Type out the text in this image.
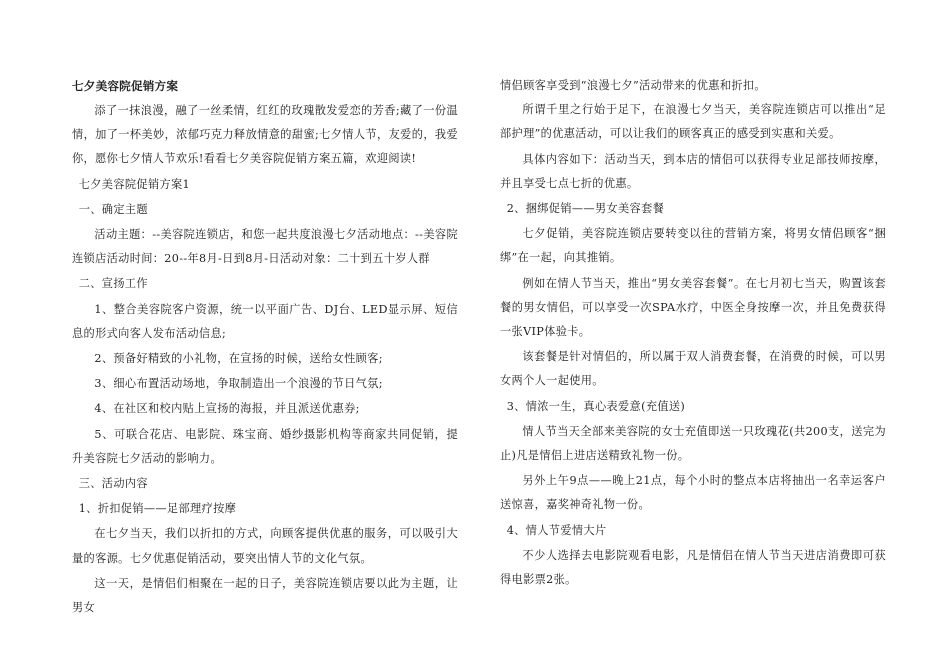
七夕美容院促销方案
添了一抹浪漫，融了一丝柔情，红红的玫瑰散发爱恋的芳香;藏了一份温情，加了一杯美妙，浓郁巧克力释放情意的甜蜜;七夕情人节，友爱的，我爱你，愿你七夕情人节欢乐!看看七夕美容院促销方案五篇，欢迎阅读!
七夕美容院促销方案1
一、确定主题
活动主题：--美容院连锁店，和您一起共度浪漫七夕活动地点：--美容院连锁店活动时间：20--年8月-日到8月-日活动对象：二十到五十岁人群
二、宣扬工作
1、整合美容院客户资源，统一以平面广告、DJ台、LED显示屏、短信息的形式向客人发布活动信息;
2、预备好精致的小礼物，在宣扬的时候，送给女性顾客;
3、细心布置活动场地，争取制造出一个浪漫的节日气氛;
4、在社区和校内贴上宣扬的海报，并且派送优惠券;
5、可联合花店、电影院、珠宝商、婚纱摄影机构等商家共同促销，提升美容院七夕活动的影响力。
三、活动内容
1、折扣促销——足部理疗按摩
在七夕当天，我们以折扣的方式，向顾客提供优惠的服务，可以吸引大量的客源。七夕优惠促销活动，要突出情人节的文化气氛。
这一天，是情侣们相聚在一起的日子，美容院连锁店要以此为主题，让男女
情侣顾客享受到“浪漫七夕”活动带来的优惠和折扣。
所谓千里之行始于足下，在浪漫七夕当天，美容院连锁店可以推出“足部护理”的优惠活动，可以让我们的顾客真正的感受到实惠和关爱。
具体内容如下：活动当天，到本店的情侣可以获得专业足部技师按摩，并且享受七点七折的优惠。
2、捆绑促销——男女美容套餐
七夕促销，美容院连锁店要转变以往的营销方案，将男女情侣顾客“捆绑”在一起，向其推销。
例如在情人节当天，推出“男女美容套餐”。在七月初七当天，购置该套餐的男女情侣，可以享受一次SPA水疗，中医全身按摩一次，并且免费获得一张VIP体验卡。
该套餐是针对情侣的，所以属于双人消费套餐，在消费的时候，可以男女两个人一起使用。
3、情浓一生，真心表爱意(充值送)
情人节当天全部来美容院的女士充值即送一只玫瑰花(共200支，送完为止)凡是情侣上进店送精致礼物一份。
另外上午9点——晚上21点，每个小时的整点本店将抽出一名幸运客户送惊喜，嘉奖神奇礼物一份。
4、情人节爱情大片
不少人选择去电影院观看电影，凡是情侣在情人节当天进店消费即可获得电影票2张。
